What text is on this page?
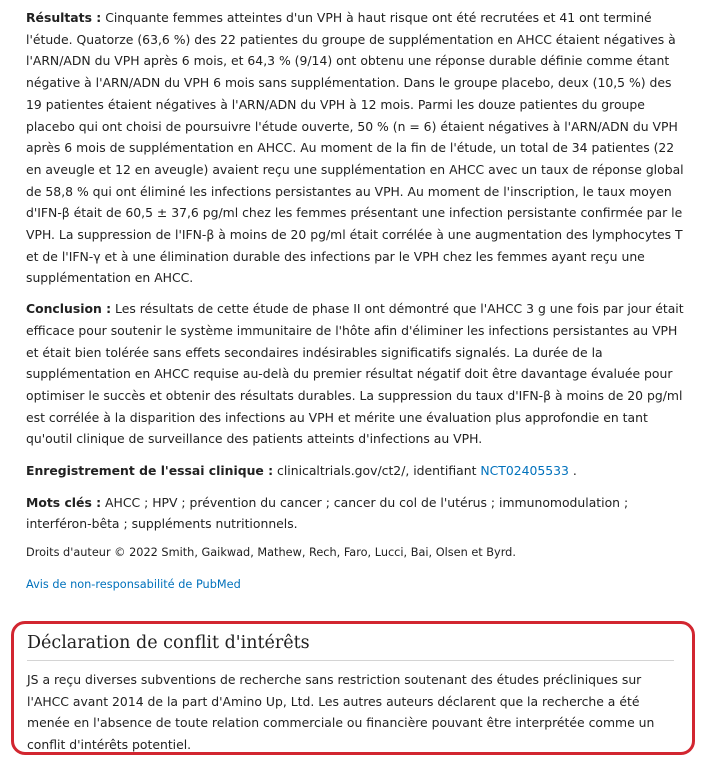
Résultats : Cinquante femmes atteintes d'un VPH à haut risque ont été recrutées et 41 ont terminé l'étude. Quatorze (63,6 %) des 22 patientes du groupe de supplémentation en AHCC étaient négatives à l'ARN/ADN du VPH après 6 mois, et 64,3 % (9/14) ont obtenu une réponse durable définie comme étant négative à l'ARN/ADN du VPH 6 mois sans supplémentation. Dans le groupe placebo, deux (10,5 %) des 19 patientes étaient négatives à l'ARN/ADN du VPH à 12 mois. Parmi les douze patientes du groupe placebo qui ont choisi de poursuivre l'étude ouverte, 50 % (n = 6) étaient négatives à l'ARN/ADN du VPH après 6 mois de supplémentation en AHCC. Au moment de la fin de l'étude, un total de 34 patientes (22 en aveugle et 12 en aveugle) avaient reçu une supplémentation en AHCC avec un taux de réponse global de 58,8 % qui ont éliminé les infections persistantes au VPH. Au moment de l'inscription, le taux moyen d'IFN-β était de 60,5 ± 37,6 pg/ml chez les femmes présentant une infection persistante confirmée par le VPH. La suppression de l'IFN-β à moins de 20 pg/ml était corrélée à une augmentation des lymphocytes T et de l'IFN-γ et à une élimination durable des infections par le VPH chez les femmes ayant reçu une supplémentation en AHCC.

Conclusion : Les résultats de cette étude de phase II ont démontré que l'AHCC 3 g une fois par jour était efficace pour soutenir le système immunitaire de l'hôte afin d'éliminer les infections persistantes au VPH et était bien tolérée sans effets secondaires indésirables significatifs signalés. La durée de la supplémentation en AHCC requise au-delà du premier résultat négatif doit être davantage évaluée pour optimiser le succès et obtenir des résultats durables. La suppression du taux d'IFN-β à moins de 20 pg/ml est corrélée à la disparition des infections au VPH et mérite une évaluation plus approfondie en tant qu'outil clinique de surveillance des patients atteints d'infections au VPH.

Enregistrement de l'essai clinique : clinicaltrials.gov/ct2/, identifiant NCT02405533 .

Mots clés : AHCC ; HPV ; prévention du cancer ; cancer du col de l'utérus ; immunomodulation ; interféron-bêta ; suppléments nutritionnels.

Droits d'auteur © 2022 Smith, Gaikwad, Mathew, Rech, Faro, Lucci, Bai, Olsen et Byrd.

Avis de non-responsabilité de PubMed

Déclaration de conflit d'intérêts

JS a reçu diverses subventions de recherche sans restriction soutenant des études précliniques sur l'AHCC avant 2014 de la part d'Amino Up, Ltd. Les autres auteurs déclarent que la recherche a été menée en l'absence de toute relation commerciale ou financière pouvant être interprétée comme un conflit d'intérêts potentiel.
